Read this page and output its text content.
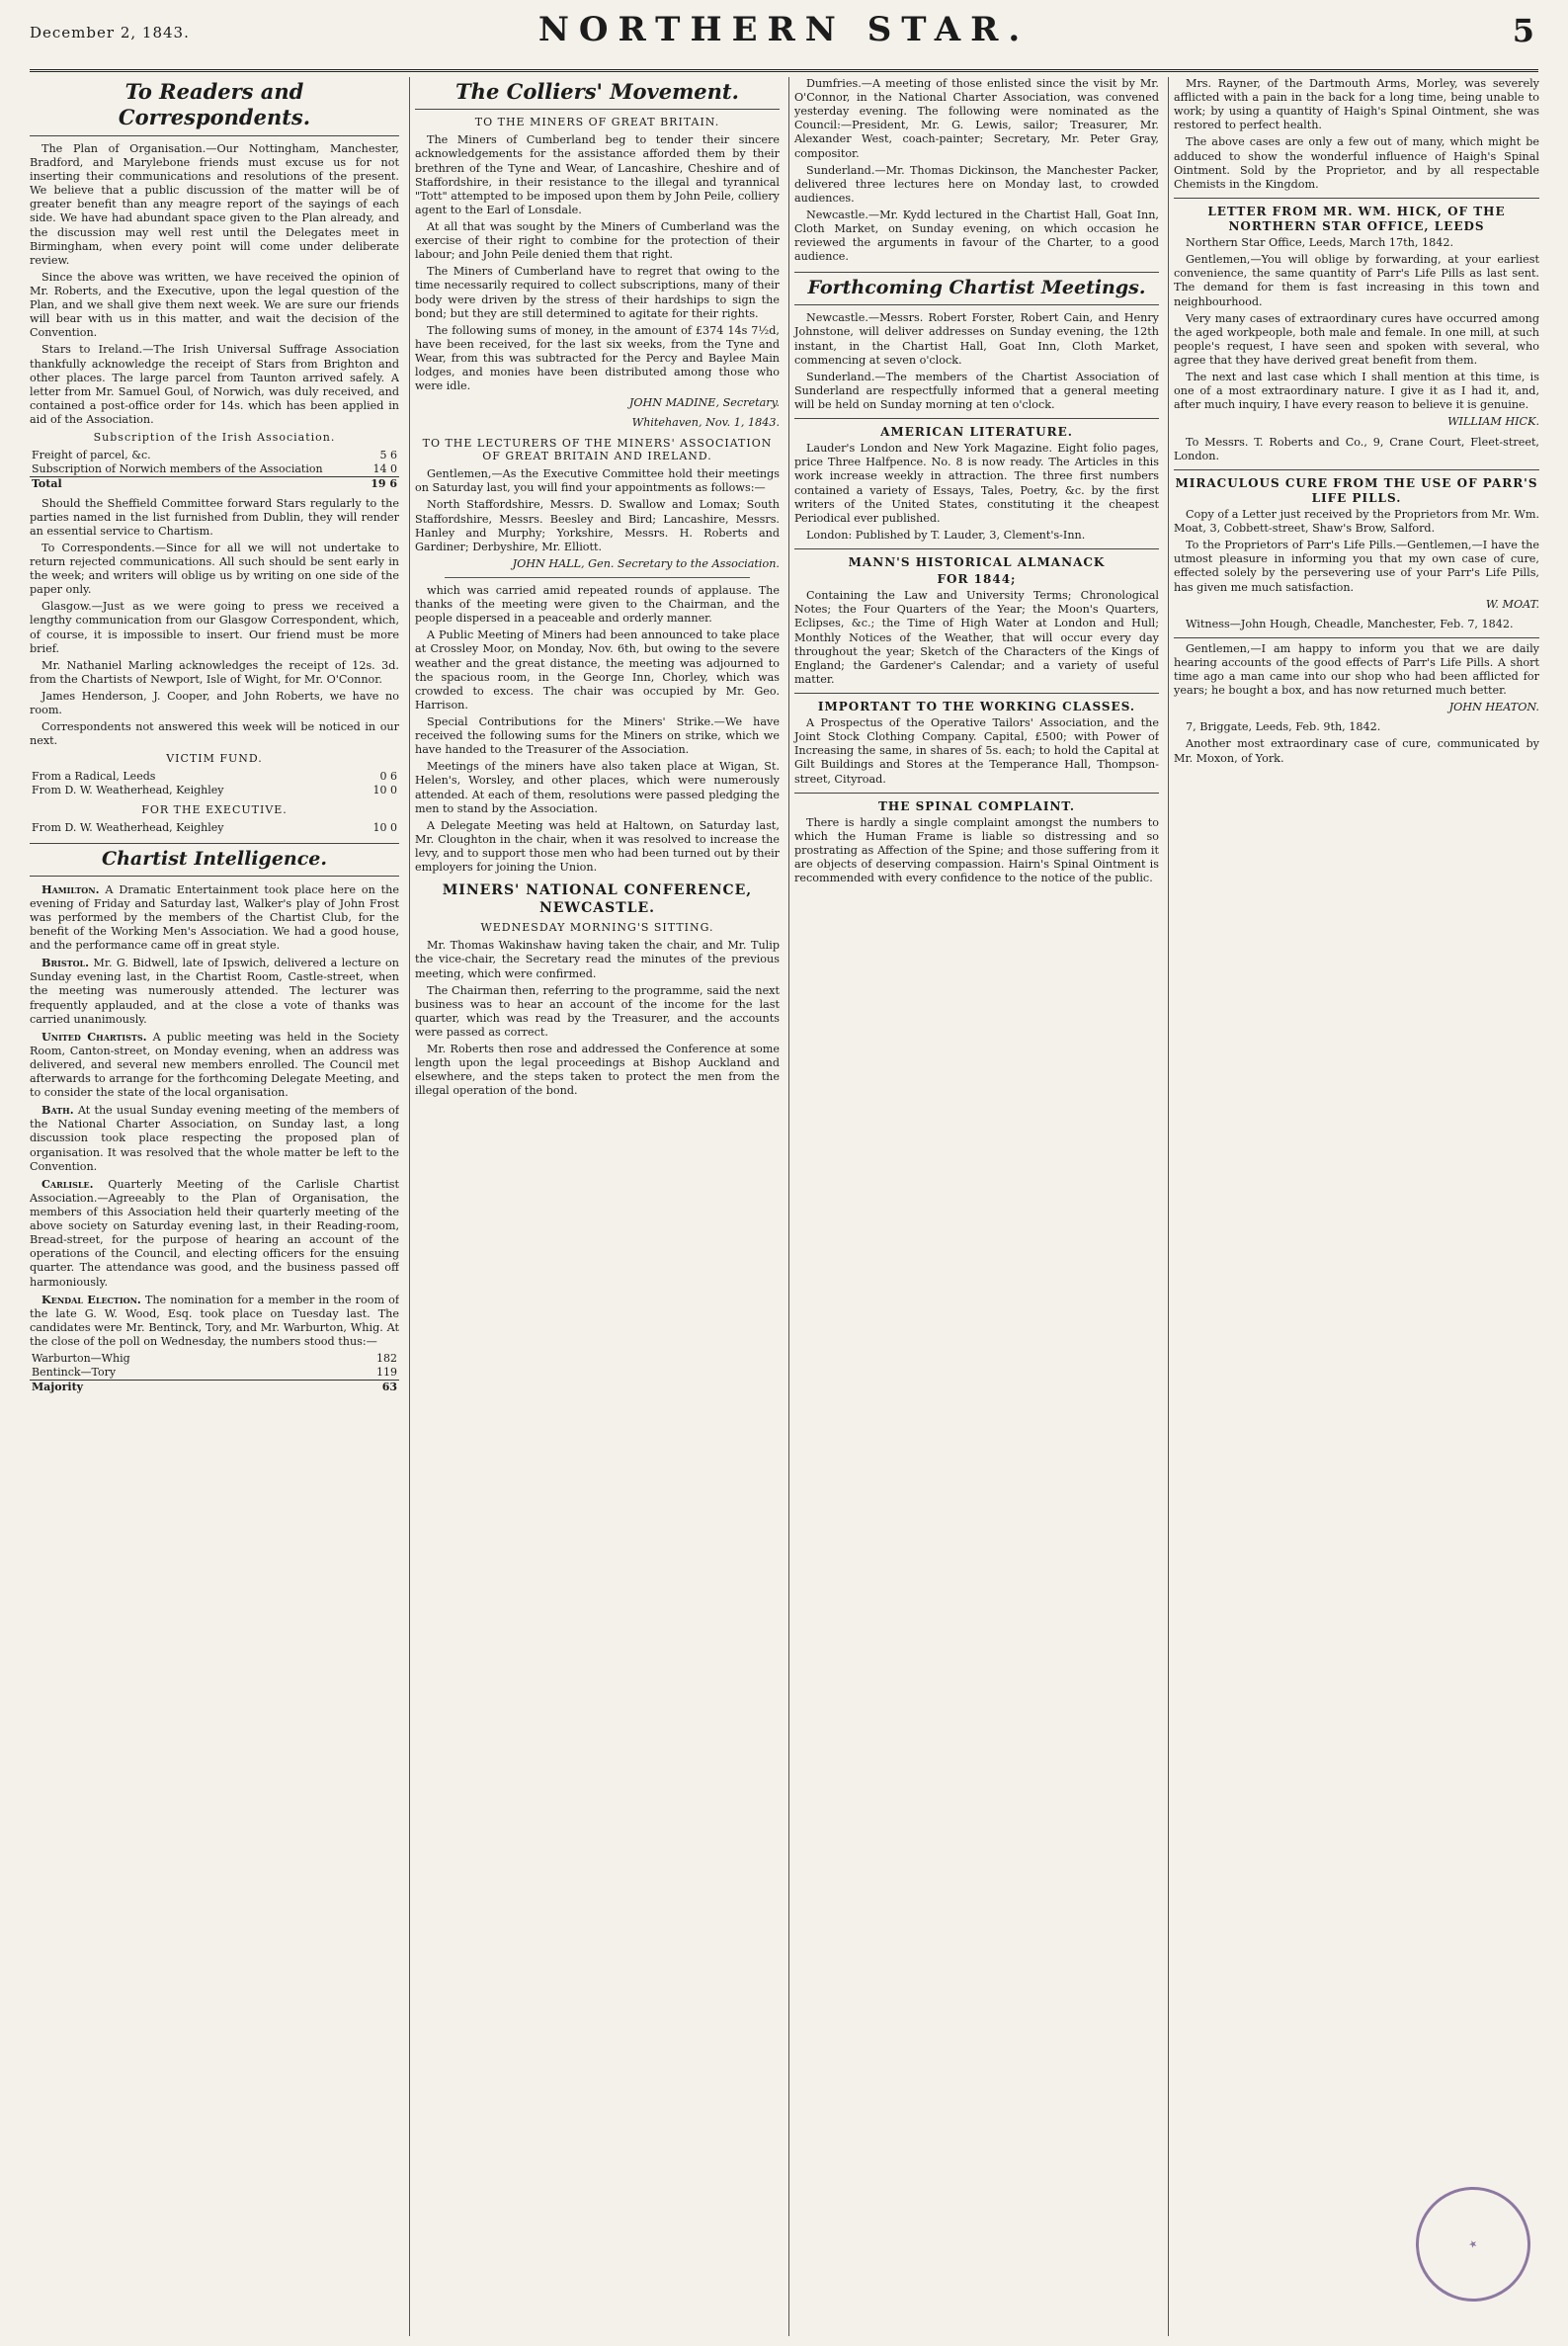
December 2, 1843.	NORTHERN STAR.	5
To Readers and Correspondents.

The Plan of Organisation.—Our Nottingham, Manchester, Bradford, and Marylebone friends must excuse us for not inserting their communications and resolutions of the present. We believe that a public discussion of the matter will be of greater benefit than any meagre report of the sayings of each side. We have had abundant space given to the Plan already, and the discussion may well rest until the Delegates meet in Birmingham, when every point will come under deliberate review.

Since the above was written, we have received the opinion of Mr. Roberts, and the Executive, upon the legal question of the Plan, and we shall give them next week. We are sure our friends will bear with us in this matter, and wait the decision of the Convention.

Stars to Ireland.—The Irish Universal Suffrage Association thankfully acknowledge the receipt of Stars from Brighton and other places. The large parcel from Taunton arrived safely. A letter from Mr. Samuel Goul, of Norwich, was duly received, and contained a post-office order for 14s. which has been applied in aid of the Association.

Subscription of the Irish Association.
Freight of parcel, &c.	5 6
Subscription of Norwich members of the Association	14 0
Total	19 6

Should the Sheffield Committee forward Stars regularly to the parties named in the list furnished from Dublin, they will render an essential service to Chartism.

To Correspondents.—Since for all we will not undertake to return rejected communications. All such should be sent early in the week; and writers will oblige us by writing on one side of the paper only.

Glasgow.—Just as we were going to press we received a lengthy communication from our Glasgow Correspondent, which, of course, it is impossible to insert. Our friend must be more brief.

Mr. Nathaniel Marling acknowledges the receipt of 12s. 3d. from the Chartists of Newport, Isle of Wight, for Mr. O'Connor.

James Henderson, J. Cooper, and John Roberts, we have no room.

Correspondents not answered this week will be noticed in our next.

VICTIM FUND.
From a Radical, Leeds	0 6
From D. W. Weatherhead, Keighley	10 0
FOR THE EXECUTIVE.
From D. W. Weatherhead, Keighley	10 0
Chartist Intelligence.

Hamilton. A Dramatic Entertainment took place here on the evening of Friday and Saturday last, Walker's play of John Frost was performed by the members of the Chartist Club, for the benefit of the Working Men's Association. We had a good house, and the performance came off in great style.

Bristol. Mr. G. Bidwell, late of Ipswich, delivered a lecture on Sunday evening last, in the Chartist Room, Castle-street, when the meeting was numerously attended. The lecturer was frequently applauded, and at the close a vote of thanks was carried unanimously.

United Chartists. A public meeting was held in the Society Room, Canton-street, on Monday evening, when an address was delivered, and several new members enrolled. The Council met afterwards to arrange for the forthcoming Delegate Meeting, and to consider the state of the local organisation.

Bath. At the usual Sunday evening meeting of the members of the National Charter Association, on Sunday last, a long discussion took place respecting the proposed plan of organisation. It was resolved that the whole matter be left to the Convention.

Carlisle. Quarterly Meeting of the Carlisle Chartist Association.—Agreeably to the Plan of Organisation, the members of this Association held their quarterly meeting of the above society on Saturday evening last, in their Reading-room, Bread-street, for the purpose of hearing an account of the operations of the Council, and electing officers for the ensuing quarter. The attendance was good, and the business passed off harmoniously.

Kendal Election. The nomination for a member in the room of the late G. W. Wood, Esq. took place on Tuesday last. The candidates were Mr. Bentinck, Tory, and Mr. Warburton, Whig. At the close of the poll on Wednesday, the numbers stood thus:—

Warburton—Whig	182
Bentinck—Tory	119
Majority	63
The Colliers' Movement.
TO THE MINERS OF GREAT BRITAIN.

The Miners of Cumberland beg to tender their sincere acknowledgements for the assistance afforded them by their brethren of the Tyne and Wear, of Lancashire, Cheshire and of Staffordshire, in their resistance to the illegal and tyrannical "Tott" attempted to be imposed upon them by John Peile, colliery agent to the Earl of Lonsdale.

At all that was sought by the Miners of Cumberland was the exercise of their right to combine for the protection of their labour; and John Peile denied them that right.

The Miners of Cumberland have to regret that owing to the time necessarily required to collect subscriptions, many of their body were driven by the stress of their hardships to sign the bond; but they are still determined to agitate for their rights.

The following sums of money, in the amount of £374 14s 7½d, have been received, for the last six weeks, from the Tyne and Wear, from this was subtracted for the Percy and Baylee Main lodges, and monies have been distributed among those who were idle.

JOHN MADINE, Secretary.
Whitehaven, Nov. 1, 1843.
TO THE LECTURERS OF THE MINERS' ASSOCIATION OF GREAT BRITAIN AND IRELAND.

Gentlemen,—As the Executive Committee hold their meetings on Saturday last, you will find your appointments as follows:—

North Staffordshire, Messrs. D. Swallow and Lomax; South Staffordshire, Messrs. Beesley and Bird; Lancashire, Messrs. Hanley and Murphy; Yorkshire, Messrs. H. Roberts and Gardiner; Derbyshire, Mr. Elliott.

JOHN HALL, Gen. Secretary to the Association.

which was carried amid repeated rounds of applause. The thanks of the meeting were given to the Chairman, and the people dispersed in a peaceable and orderly manner.

A Public Meeting of Miners had been announced to take place at Crossley Moor, on Monday, Nov. 6th, but owing to the severe weather and the great distance, the meeting was adjourned to the spacious room, in the George Inn, Chorley, which was crowded to excess. The chair was occupied by Mr. Geo. Harrison.

Special Contributions for the Miners' Strike.—We have received the following sums for the Miners on strike, which we have handed to the Treasurer of the Association.

Meetings of the miners have also taken place at Wigan, St. Helen's, Worsley, and other places, which were numerously attended. At each of them, resolutions were passed pledging the men to stand by the Association.

A Delegate Meeting was held at Haltown, on Saturday last, Mr. Cloughton in the chair, when it was resolved to increase the levy, and to support those men who had been turned out by their employers for joining the Union.

MINERS' NATIONAL CONFERENCE, NEWCASTLE.
WEDNESDAY MORNING'S SITTING.

Mr. Thomas Wakinshaw having taken the chair, and Mr. Tulip the vice-chair, the Secretary read the minutes of the previous meeting, which were confirmed.

The Chairman then, referring to the programme, said the next business was to hear an account of the income for the last quarter, which was read by the Treasurer, and the accounts were passed as correct.

Mr. Roberts then rose and addressed the Conference at some length upon the legal proceedings at Bishop Auckland and elsewhere, and the steps taken to protect the men from the illegal operation of the bond.

Dumfries.—A meeting of those enlisted since the visit by Mr. O'Connor, in the National Charter Association, was convened yesterday evening. The following were nominated as the Council:—President, Mr. G. Lewis, sailor; Treasurer, Mr. Alexander West, coach-painter; Secretary, Mr. Peter Gray, compositor.

Sunderland.—Mr. Thomas Dickinson, the Manchester Packer, delivered three lectures here on Monday last, to crowded audiences.

Newcastle.—Mr. Kydd lectured in the Chartist Hall, Goat Inn, Cloth Market, on Sunday evening, on which occasion he reviewed the arguments in favour of the Charter, to a good audience.

Forthcoming Chartist Meetings.

Newcastle.—Messrs. Robert Forster, Robert Cain, and Henry Johnstone, will deliver addresses on Sunday evening, the 12th instant, in the Chartist Hall, Goat Inn, Cloth Market, commencing at seven o'clock.

Sunderland.—The members of the Chartist Association of Sunderland are respectfully informed that a general meeting will be held on Sunday morning at ten o'clock.

AMERICAN LITERATURE.

Lauder's London and New York Magazine. Eight folio pages, price Three Halfpence. No. 8 is now ready. The Articles in this work increase weekly in attraction. The three first numbers contained a variety of Essays, Tales, Poetry, &c. by the first writers of the United States, constituting it the cheapest Periodical ever published.

London: Published by T. Lauder, 3, Clement's-Inn.

MANN'S HISTORICAL ALMANACK
FOR 1844;

Containing the Law and University Terms; Chronological Notes; the Four Quarters of the Year; the Moon's Quarters, Eclipses, &c.; the Time of High Water at London and Hull; Monthly Notices of the Weather, that will occur every day throughout the year; Sketch of the Characters of the Kings of England; the Gardener's Calendar; and a variety of useful matter.

IMPORTANT TO THE WORKING CLASSES.

A Prospectus of the Operative Tailors' Association, and the Joint Stock Clothing Company. Capital, £500; with Power of Increasing the same, in shares of 5s. each; to hold the Capital at Gilt Buildings and Stores at the Temperance Hall, Thompson-street, Cityroad.

THE SPINAL COMPLAINT.

There is hardly a single complaint amongst the numbers to which the Human Frame is liable so distressing and so prostrating as Affection of the Spine; and those suffering from it are objects of deserving compassion. Hairn's Spinal Ointment is recommended with every confidence to the notice of the public.

Mrs. Rayner, of the Dartmouth Arms, Morley, was severely afflicted with a pain in the back for a long time, being unable to work; by using a quantity of Haigh's Spinal Ointment, she was restored to perfect health.

The above cases are only a few out of many, which might be adduced to show the wonderful influence of Haigh's Spinal Ointment. Sold by the Proprietor, and by all respectable Chemists in the Kingdom.

LETTER FROM MR. WM. HICK, OF THE NORTHERN STAR OFFICE, LEEDS

Northern Star Office, Leeds, March 17th, 1842.

Gentlemen,—You will oblige by forwarding, at your earliest convenience, the same quantity of Parr's Life Pills as last sent. The demand for them is fast increasing in this town and neighbourhood.

Very many cases of extraordinary cures have occurred among the aged workpeople, both male and female. In one mill, at such people's request, I have seen and spoken with several, who agree that they have derived great benefit from them.

The next and last case which I shall mention at this time, is one of a most extraordinary nature. I give it as I had it, and, after much inquiry, I have every reason to believe it is genuine.

WILLIAM HICK.

To Messrs. T. Roberts and Co., 9, Crane Court, Fleet-street, London.

MIRACULOUS CURE FROM THE USE OF PARR'S LIFE PILLS.

Copy of a Letter just received by the Proprietors from Mr. Wm. Moat, 3, Cobbett-street, Shaw's Brow, Salford.

To the Proprietors of Parr's Life Pills.—Gentlemen,—I have the utmost pleasure in informing you that my own case of cure, effected solely by the persevering use of your Parr's Life Pills, has given me much satisfaction.

W. MOAT.

Witness—John Hough, Cheadle, Manchester, Feb. 7, 1842.

Gentlemen,—I am happy to inform you that we are daily hearing accounts of the good effects of Parr's Life Pills. A short time ago a man came into our shop who had been afflicted for years; he bought a box, and has now returned much better.

JOHN HEATON.

7, Briggate, Leeds, Feb. 9th, 1842.

Another most extraordinary case of cure, communicated by Mr. Moxon, of York.

★
